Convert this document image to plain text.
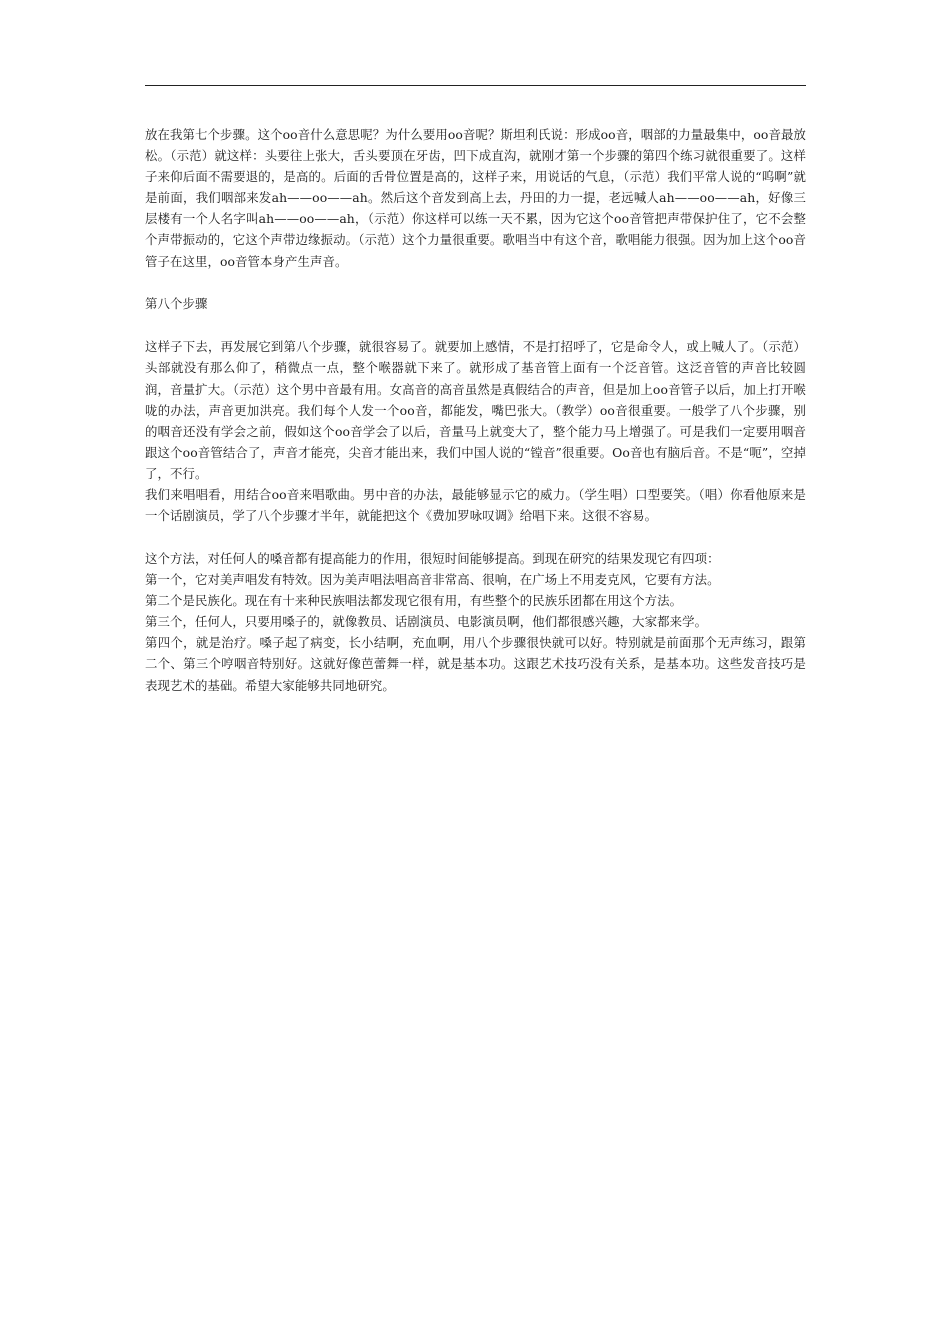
放在我第七个步骤。这个oo音什么意思呢？为什么要用oo音呢？斯坦利氏说：形成oo音，咽部的力量最集中，oo音最放松。（示范）就这样：头要往上张大，舌头要顶在牙齿，凹下成直沟，就刚才第一个步骤的第四个练习就很重要了。这样子来仰后面不需要退的，是高的。后面的舌骨位置是高的，这样子来，用说话的气息，（示范）我们平常人说的“呜啊”就是前面，我们咽部来发ah——oo——ah。然后这个音发到高上去，丹田的力一提，老远喊人ah——oo——ah，好像三层楼有一个人名字叫ah——oo——ah，（示范）你这样可以练一天不累，因为它这个oo音管把声带保护住了，它不会整个声带振动的，它这个声带边缘振动。（示范）这个力量很重要。歌唱当中有这个音，歌唱能力很强。因为加上这个oo音管子在这里，oo音管本身产生声音。

第八个步骤

这样子下去，再发展它到第八个步骤，就很容易了。就要加上感情，不是打招呼了，它是命令人，或上喊人了。（示范）头部就没有那么仰了，稍微点一点，整个喉器就下来了。就形成了基音管上面有一个泛音管。这泛音管的声音比较圆润，音量扩大。（示范）这个男中音最有用。女高音的高音虽然是真假结合的声音，但是加上oo音管子以后，加上打开喉咙的办法，声音更加洪亮。我们每个人发一个oo音，都能发，嘴巴张大。（教学）oo音很重要。一般学了八个步骤，别的咽音还没有学会之前，假如这个oo音学会了以后，音量马上就变大了，整个能力马上增强了。可是我们一定要用咽音跟这个oo音管结合了，声音才能亮，尖音才能出来，我们中国人说的“镗音”很重要。Oo音也有脑后音。不是“呃”，空掉了，不行。

我们来唱唱看，用结合oo音来唱歌曲。男中音的办法，最能够显示它的威力。（学生唱）口型要笑。（唱）你看他原来是一个话剧演员，学了八个步骤才半年，就能把这个《费加罗咏叹调》给唱下来。这很不容易。

这个方法，对任何人的嗓音都有提高能力的作用，很短时间能够提高。到现在研究的结果发现它有四项：

第一个，它对美声唱发有特效。因为美声唱法唱高音非常高、很响，在广场上不用麦克风，它要有方法。

第二个是民族化。现在有十来种民族唱法都发现它很有用，有些整个的民族乐团都在用这个方法。

第三个，任何人，只要用嗓子的，就像教员、话剧演员、电影演员啊，他们都很感兴趣，大家都来学。

第四个，就是治疗。嗓子起了病变，长小结啊，充血啊，用八个步骤很快就可以好。特别就是前面那个无声练习，跟第二个、第三个哼咽音特别好。这就好像芭蕾舞一样，就是基本功。这跟艺术技巧没有关系，是基本功。这些发音技巧是表现艺术的基础。希望大家能够共同地研究。
